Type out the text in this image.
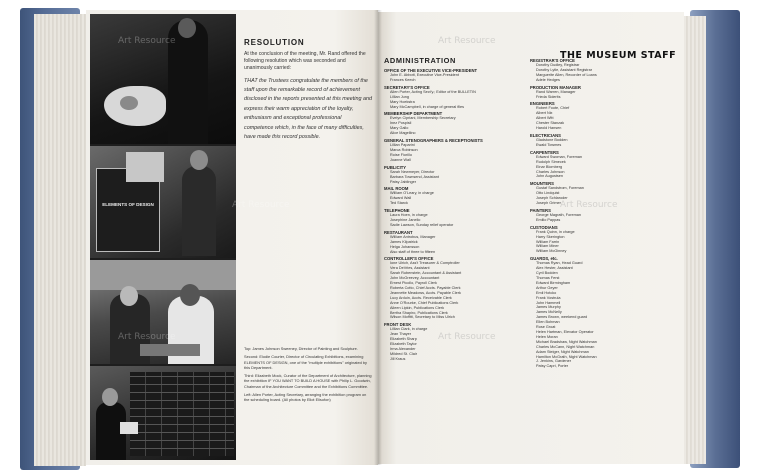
ELEMENTS OF DESIGN

RESOLUTION

At the conclusion of the meeting, Mr. Rand offered the following resolution which was seconded and unanimously carried:

THAT the Trustees congratulate the members of the staff upon the remarkable record of achievement disclosed in the reports presented at this meeting and express their warm appreciation of the loyalty, enthusiasm and exceptional professional competence which, in the face of many difficulties, have made this record possible.

Top: James Johnson Sweeney, Director of Painting and Sculpture.

Second: Elodie Courter, Director of Circulating Exhibitions, examining ELEMENTS OF DESIGN, one of the "multiple exhibitions" originated by this Department.

Third: Elizabeth Mock, Curator of the Department of Architecture, planning the exhibition IF YOU WANT TO BUILD A HOUSE with Philip L. Goodwin, Chairman of the Architecture Committee and the Exhibitions Committee.

Left: Allen Porter, Acting Secretary, arranging the exhibition program on the scheduling board. (All photos by Eliot Elisofon)

THE MUSEUM STAFF

ADMINISTRATION

OFFICE OF THE EXECUTIVE VICE-PRESIDENT
John E. Abbott, Executive Vice-President
Frances Keech
SECRETARY'S OFFICE
Allen Porter, Acting Sect'y.; Editor of the BULLETIN
Lillian Jung
Mary Hoekstra
Mary McCampbell, in charge of general files
MEMBERSHIP DEPARTMENT
Evelyn Cipriani, Membership Secretary
Inez Pospisil
Mary Gallo
Alice Magellino
GENERAL STENOGRAPHERS & RECEPTIONISTS
Lillian Paparini
Marca Robinson
Roise Fiorillo
Joanne Wall
PUBLICITY
Sarah Newmeyer, Director
Barbara Townsend, Assistant
Patsy Jablinger
MAIL ROOM
William O'Leary, in charge
Edward Wall
Ted Starck
TELEPHONE
Laura Hoen, in charge
Josephine Janello
Sadie Lawson, Sunday relief operator
RESTAURANT
William Antrobus, Manager
James Kilpatrick
Helga Johansson
Also staff of three to fifteen
CONTROLLER'S OFFICE
Ione Ulrich, Ass't Treasurer & Comptroller
Vera DeVries, Assistant
Sarah Rubenstein, Accountant & Assistant
John McGreevey, Accountant
Ernest Picollo, Payroll Clerk
Roberta Cotto, Chief Accts. Payable Clerk
Jeannette Meadows, Accts. Payable Clerk
Lucy Arduin, Accts. Receivable Clerk
Anne O'Rourke, Chief Publications Clerk
Aileen Lipkin, Publications Clerk
Bertha Shapiro, Publications Clerk
Wilson Moffitt, Secretary to Miss Ulrich
FRONT DESK
Lillian Clark, in charge
Jean Thayer
Elizabeth Sharp
Elizabeth Taylor
Irma Alexander
Mildred St. Clair
Jill Kraus
REGISTRAR'S OFFICE
Dorothy Dudley, Registrar
Dorothy Lytle, Assistant Registrar
Marguerite Allen, Recorder of Loans
Adele Hedges
PRODUCTION MANAGER
Rand Warren, Manager
Frieda Siderits
ENGINEERS
Robert Foote, Chief
Albert Nix
Albert Witt
Chester Stanzak
Harold Hansen
ELECTRICIANS
Gladstone Bodden
Ewald Towmes
CARPENTERS
Edward Swoman, Foreman
Rudolph Simecek
Einar Blomberg
Charles Johnson
John Augustsen
MOUNTERS
Gustaf Sandstrom, Foreman
Otto Lindquist
Joseph Schlaroder
Joseph Grimer
PAINTERS
George Magrath, Foreman
Emilio Pappas
CUSTODIANS
Frank Quinn, in charge
Harry Skerington
William Farrin
William Miner
William McGinney
GUARDS, etc.
Thomas Ryan, Head Guard
Alex Hester, Assistant
Cyril Bodden
Thomas Ferst
Edward Birmingham
Arthur Geyer
Emil Hotcko
Frank Vostrula
John Hammell
James Murphy
James McNelly
James Brown, weekend guard
Ellen Bohman
Rose Groat
Helen Hartman, Elevator Operator
Helen Moran
Michael Bradshaw, Night Watchman
Charles McCann, Night Watchman
Adam Steiger, Night Watchman
Hamilton McGrath, Night Watchman
J. Jenkins, Gardener
Patsy Capri, Porter
Art Resource
Art Resource
Art Resource
Art Resource
Art Resource
Art Resource
